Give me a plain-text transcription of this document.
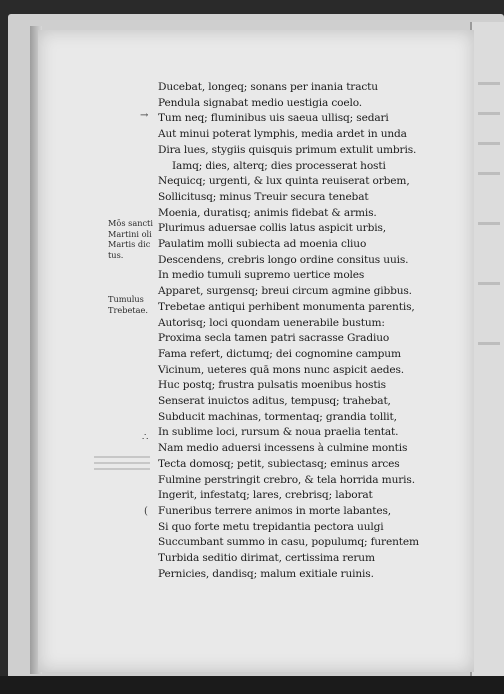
Ducebat, longeq; sonans per inania tractu
Pendula signabat medio uestigia coelo.
Tum neq; fluminibus uis saeua ullisq; sedari
Aut minui poterat lymphis, media ardet in unda
Dira lues, stygiis quisquis primum extulit umbris.
Iamq; dies, alterq; dies processerat hosti
Nequicq; urgenti, & lux quinta reuiserat orbem,
Sollicitusq; minus Treuir secura tenebat
Moenia, duratisq; animis fidebat & armis.
Plurimus aduersae collis latus aspicit urbis,
Paulatim molli subiecta ad moenia cliuo
Descendens, crebris longo ordine consitus uuis.
In medio tumuli supremo uertice moles
Apparet, surgensq; breui circum agmine gibbus.
Trebetae antiqui perhibent monumenta parentis,
Autorisq; loci quondam uenerabile bustum:
Proxima secla tamen patri sacrasse Gradiuo
Fama refert, dictumq; dei cognomine campum
Vicinum, ueteres quā mons nunc aspicit aedes.
Huc postq; frustra pulsatis moenibus hostis
Senserat inuictos aditus, tempusq; trahebat,
Subducit machinas, tormentaq; grandia tollit,
In sublime loci, rursum & noua praelia tentat.
Nam medio aduersi incessens à culmine montis
Tecta domosq; petit, subiectasq; eminus arces
Fulmine perstringit crebro, & tela horrida muris.
Ingerit, infestatq; lares, crebrisq; laborat
Funeribus terrere animos in morte labantes,
Si quo forte metu trepidantia pectora uulgi
Succumbant summo in casu, populumq; furentem
Turbida seditio dirimat, certissima rerum
Pernicies, dandisq; malum exitiale ruinis.
Mōs sancti
Martini oli
Martis dic
tus.
Tumulus
Trebetae.
→
∴
(
